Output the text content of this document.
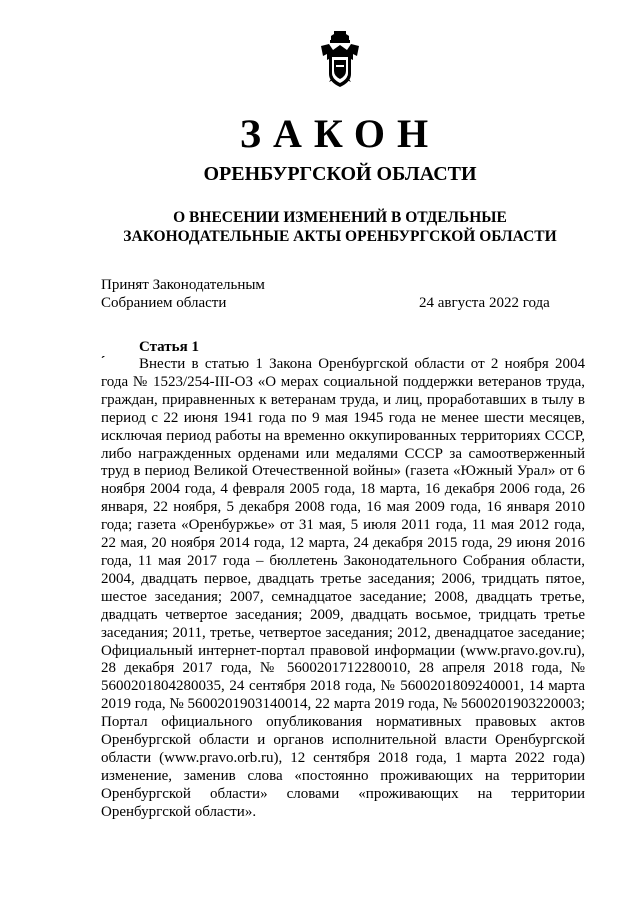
ЗАКОН
ОРЕНБУРГСКОЙ ОБЛАСТИ
О ВНЕСЕНИИ ИЗМЕНЕНИЙ В ОТДЕЛЬНЫЕ
ЗАКОНОДАТЕЛЬНЫЕ АКТЫ ОРЕНБУРГСКОЙ ОБЛАСТИ
Принят Законодательным
Собранием области	24 августа 2022 года
ˏ Статья 1

Внести в статью 1 Закона Оренбургской области от 2 ноября 2004 года № 1523/254-III-ОЗ «О мерах социальной поддержки ветеранов труда, граждан, приравненных к ветеранам труда, и лиц, проработавших в тылу в период с 22 июня 1941 года по 9 мая 1945 года не менее шести месяцев, исключая период работы на временно оккупированных территориях СССР, либо награжденных орденами или медалями СССР за самоотверженный труд в период Великой Отечественной войны» (газета «Южный Урал» от 6 ноября 2004 года, 4 февраля 2005 года, 18 марта, 16 декабря 2006 года, 26 января, 22 ноября, 5 декабря 2008 года, 16 мая 2009 года, 16 января 2010 года; газета «Оренбуржье» от 31 мая, 5 июля 2011 года, 11 мая 2012 года, 22 мая, 20 ноября 2014 года, 12 марта, 24 декабря 2015 года, 29 июня 2016 года, 11 мая 2017 года – бюллетень Законодательного Собрания области, 2004, двадцать первое, двадцать третье заседания; 2006, тридцать пятое, шестое заседания; 2007, семнадцатое заседание; 2008, двадцать третье, двадцать четвертое заседания; 2009, двадцать восьмое, тридцать третье заседания; 2011, третье, четвертое заседания; 2012, двенадцатое заседание; Официальный интернет-портал правовой информации (www.pravo.gov.ru), 28 декабря 2017 года, № 5600201712280010, 28 апреля 2018 года, № 5600201804280035, 24 сентября 2018 года, № 5600201809240001, 14 марта 2019 года, № 5600201903140014, 22 марта 2019 года, № 5600201903220003; Портал официального опубликования нормативных правовых актов Оренбургской области и органов исполнительной власти Оренбургской области (www.pravo.orb.ru), 12 сентября 2018 года, 1 марта 2022 года) изменение, заменив слова «постоянно проживающих на территории Оренбургской области» словами «проживающих на территории Оренбургской области».
